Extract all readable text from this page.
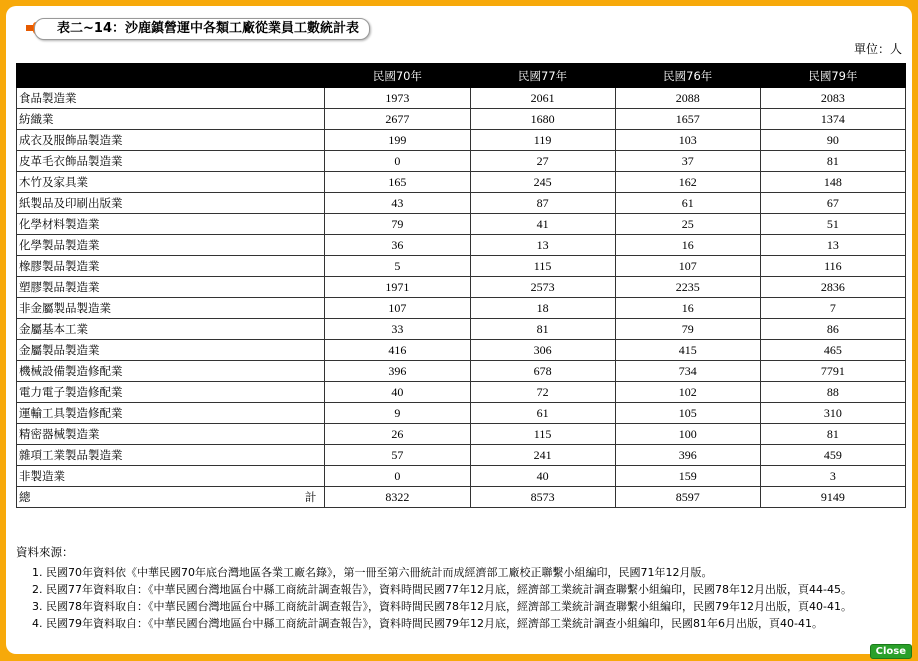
表二~14：沙鹿鎮營運中各類工廠從業員工數統計表
單位：人
	民國70年	民國77年	民國76年	民國79年
食品製造業	1973	2061	2088	2083
紡織業	2677	1680	1657	1374
成衣及服飾品製造業	199	119	103	90
皮革毛衣飾品製造業	0	27	37	81
木竹及家具業	165	245	162	148
紙製品及印刷出版業	43	87	61	67
化學材料製造業	79	41	25	51
化學製品製造業	36	13	16	13
橡膠製品製造業	5	115	107	116
塑膠製品製造業	1971	2573	2235	2836
非金屬製品製造業	107	18	16	7
金屬基本工業	33	81	79	86
金屬製品製造業	416	306	415	465
機械設備製造修配業	396	678	734	7791
電力電子製造修配業	40	72	102	88
運輸工具製造修配業	9	61	105	310
精密器械製造業	26	115	100	81
雜項工業製品製造業	57	241	396	459
非製造業	0	40	159	3

總 計	8322	8573	8597	9149
資料來源：
1. 民國70年資料依《中華民國70年底台灣地區各業工廠名錄》，第一冊至第六冊統計而成經濟部工廠校正聯繫小組編印，民國71年12月版。
2. 民國77年資料取自：《中華民國台灣地區台中縣工商統計調查報告》，資料時間民國77年12月底，經濟部工業統計調查聯繫小組編印，民國78年12月出版，頁44-45。
3. 民國78年資料取自：《中華民國台灣地區台中縣工商統計調查報告》，資料時間民國78年12月底，經濟部工業統計調查聯繫小組編印，民國79年12月出版，頁40-41。
4. 民國79年資料取自：《中華民國台灣地區台中縣工商統計調查報告》，資料時間民國79年12月底，經濟部工業統計調查小組編印，民國81年6月出版，頁40-41。
Close
